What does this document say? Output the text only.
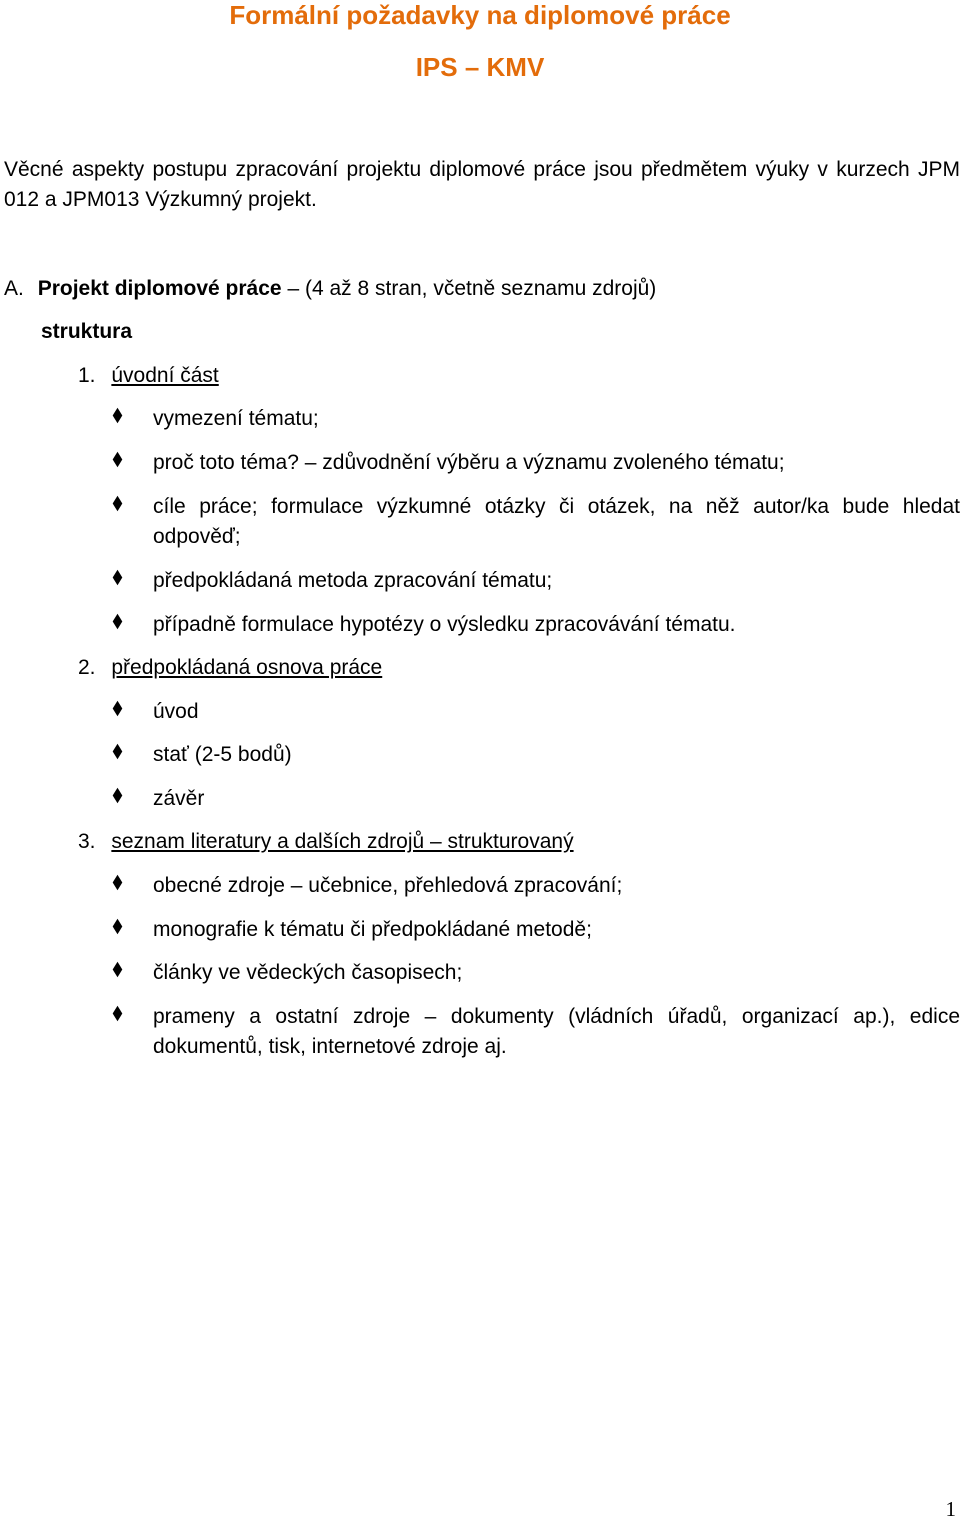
Formální požadavky na diplomové práce
IPS – KMV
Věcné aspekty postupu zpracování projektu diplomové práce jsou předmětem výuky v kurzech JPM 012 a JPM013 Výzkumný projekt.
A. Projekt diplomové práce – (4 až 8 stran, včetně seznamu zdrojů)
struktura
1. úvodní část
vymezení tématu;
proč toto téma? – zdůvodnění výběru a významu zvoleného tématu;
cíle práce; formulace výzkumné otázky či otázek, na něž autor/ka bude hledat odpověď;
předpokládaná metoda zpracování tématu;
případně formulace hypotézy o výsledku zpracovávání tématu.
2. předpokládaná osnova práce
úvod
stať (2-5 bodů)
závěr
3. seznam literatury a dalších zdrojů – strukturovaný
obecné zdroje – učebnice, přehledová zpracování;
monografie k tématu či předpokládané metodě;
články ve vědeckých časopisech;
prameny a ostatní zdroje – dokumenty (vládních úřadů, organizací ap.), edice dokumentů, tisk, internetové zdroje aj.
1
